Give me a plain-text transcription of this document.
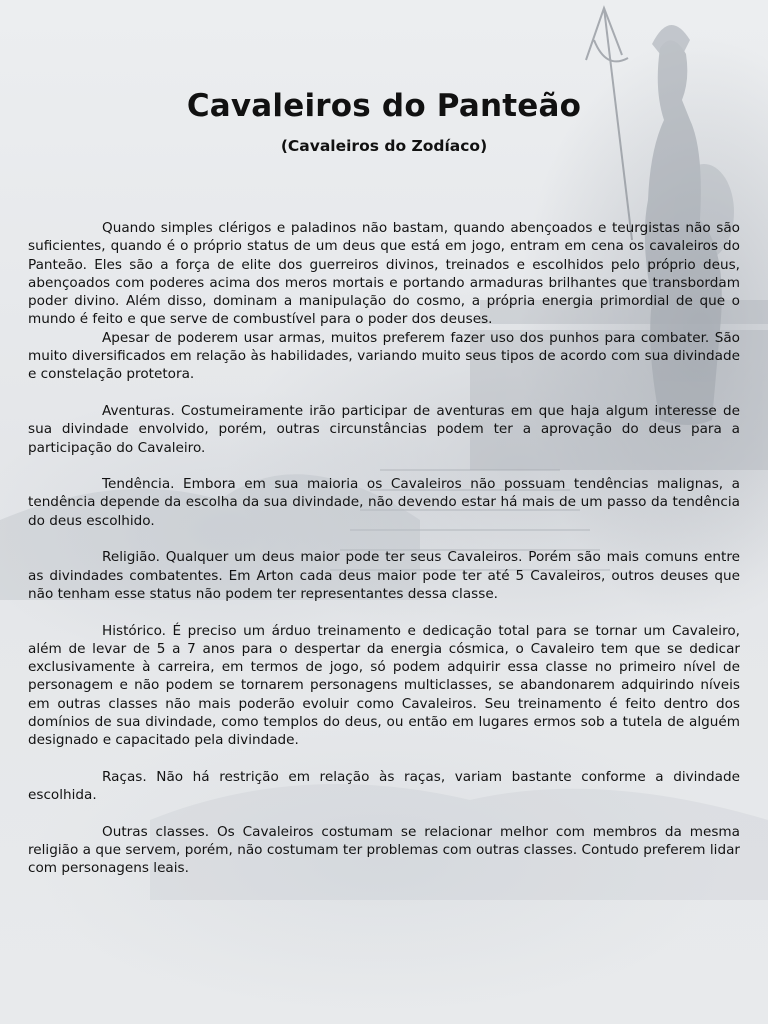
Cavaleiros do Panteão
(Cavaleiros do Zodíaco)

Quando simples clérigos e paladinos não bastam, quando abençoados e teurgistas não são suficientes, quando é o próprio status de um deus que está em jogo, entram em cena os cavaleiros do Panteão. Eles são a força de elite dos guerreiros divinos, treinados e escolhidos pelo próprio deus, abençoados com poderes acima dos meros mortais e portando armaduras brilhantes que transbordam poder divino. Além disso, dominam a manipulação do cosmo, a própria energia primordial de que o mundo é feito e que serve de combustível para o poder dos deuses.

Apesar de poderem usar armas, muitos preferem fazer uso dos punhos para combater. São muito diversificados em relação às habilidades, variando muito seus tipos de acordo com sua divindade e constelação protetora.

Aventuras. Costumeiramente irão participar de aventuras em que haja algum interesse de sua divindade envolvido, porém, outras circunstâncias podem ter a aprovação do deus para a participação do Cavaleiro.

Tendência. Embora em sua maioria os Cavaleiros não possuam tendências malignas, a tendência depende da escolha da sua divindade, não devendo estar há mais de um passo da tendência do deus escolhido.

Religião. Qualquer um deus maior pode ter seus Cavaleiros. Porém são mais comuns entre as divindades combatentes. Em Arton cada deus maior pode ter até 5 Cavaleiros, outros deuses que não tenham esse status não podem ter representantes dessa classe.

Histórico. É preciso um árduo treinamento e dedicação total para se tornar um Cavaleiro, além de levar de 5 a 7 anos para o despertar da energia cósmica, o Cavaleiro tem que se dedicar exclusivamente à carreira, em termos de jogo, só podem adquirir essa classe no primeiro nível de personagem e não podem se tornarem personagens multiclasses, se abandonarem adquirindo níveis em outras classes não mais poderão evoluir como Cavaleiros. Seu treinamento é feito dentro dos domínios de sua divindade, como templos do deus, ou então em lugares ermos sob a tutela de alguém designado e capacitado pela divindade.

Raças. Não há restrição em relação às raças, variam bastante conforme a divindade escolhida.

Outras classes. Os Cavaleiros costumam se relacionar melhor com membros da mesma religião a que servem, porém, não costumam ter problemas com outras classes. Contudo preferem lidar com personagens leais.
